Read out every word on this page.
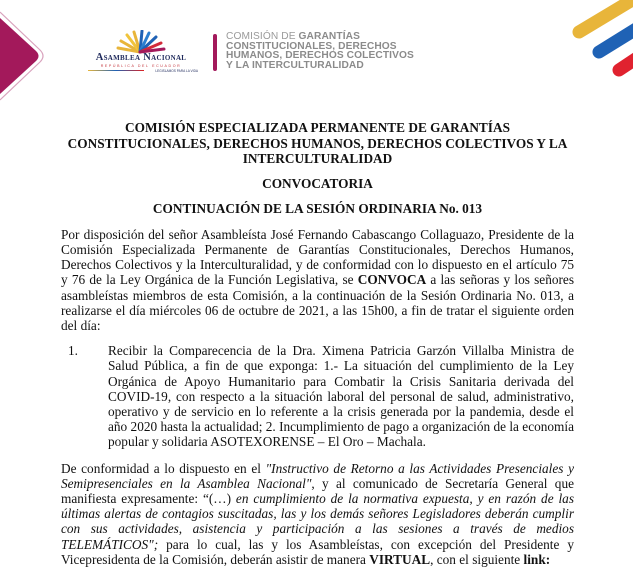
Asamblea Nacional
REPÚBLICA DEL ECUADOR
LEGISLAMOS PARA LA VIDA
COMISIÓN DE GARANTÍAS
CONSTITUCIONALES, DERECHOS
HUMANOS, DERECHOS COLECTIVOS
Y LA INTERCULTURALIDAD
COMISIÓN ESPECIALIZADA PERMANENTE DE GARANTÍAS
CONSTITUCIONALES, DERECHOS HUMANOS, DERECHOS COLECTIVOS Y LA
INTERCULTURALIDAD
CONVOCATORIA
CONTINUACIÓN DE LA SESIÓN ORDINARIA No. 013

Por disposición del señor Asambleísta José Fernando Cabascango Collaguazo, Presidente de la Comisión Especializada Permanente de Garantías Constitucionales, Derechos Humanos, Derechos Colectivos y la Interculturalidad, y de conformidad con lo dispuesto en el artículo 75 y 76 de la Ley Orgánica de la Función Legislativa, se CONVOCA a las señoras y los señores asambleístas miembros de esta Comisión, a la continuación de la Sesión Ordinaria No. 013, a realizarse el día miércoles 06 de octubre de 2021, a las 15h00, a fin de tratar el siguiente orden del día:

1. Recibir la Comparecencia de la Dra. Ximena Patricia Garzón Villalba Ministra de Salud Pública, a fin de que exponga: 1.- La situación del cumplimiento de la Ley Orgánica de Apoyo Humanitario para Combatir la Crisis Sanitaria derivada del COVID-19, con respecto a la situación laboral del personal de salud, administrativo, operativo y de servicio en lo referente a la crisis generada por la pandemia, desde el año 2020 hasta la actualidad; 2. Incumplimiento de pago a organización de la economía popular y solidaria ASOTEXORENSE – El Oro – Machala.

De conformidad a lo dispuesto en el "Instructivo de Retorno a las Actividades Presenciales y Semipresenciales en la Asamblea Nacional", y al comunicado de Secretaría General que manifiesta expresamente: “(…) en cumplimiento de la normativa expuesta, y en razón de las últimas alertas de contagios suscitadas, las y los demás señores Legisladores deberán cumplir con sus actividades, asistencia y participación a las sesiones a través de medios TELEMÁTICOS"; para lo cual, las y los Asambleístas, con excepción del Presidente y Vicepresidenta de la Comisión, deberán asistir de manera VIRTUAL, con el siguiente link:
